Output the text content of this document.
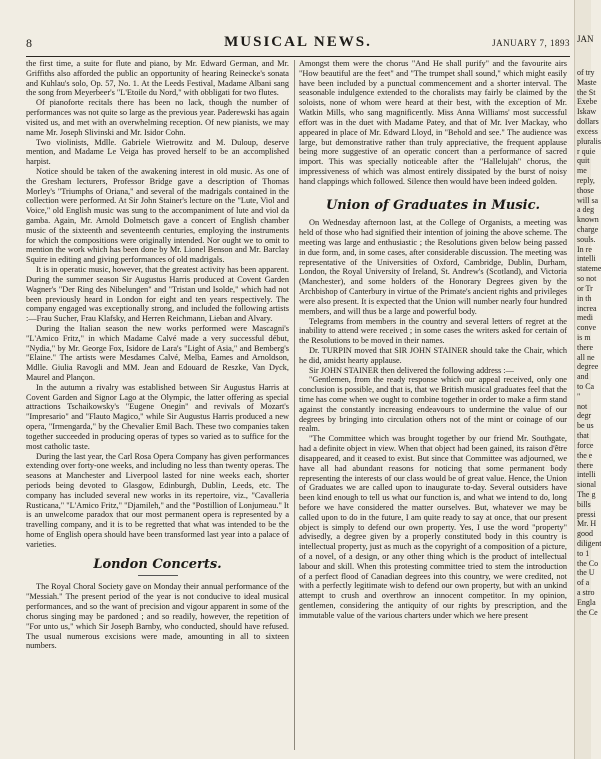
8	MUSICAL NEWS.	JANUARY 7, 1893

the first time, a suite for flute and piano, by Mr. Edward German, and Mr. Griffiths also afforded the public an opportunity of hearing Reinecke's sonata and Kuhlau's solo, Op. 57, No. 1. At the Leeds Festival, Madame Albani sang the song from Meyerbeer's "L'Etoile du Nord," with obbligati for two flutes.

Of pianoforte recitals there has been no lack, though the number of performances was not quite so large as the previous year. Paderewski has again visited us, and met with an overwhelming reception. Of new pianists, we may name Mr. Joseph Slivinski and Mr. Isidor Cohn.

Two violinists, Mdlle. Gabriele Wietrowitz and M. Duloup, deserve mention, and Madame Le Veiga has proved herself to be an accomplished harpist.

Notice should be taken of the awakening interest in old music. As one of the Gresham lecturers, Professor Bridge gave a description of Thomas Morley's "Triumphs of Oriana," and several of the madrigals contained in the collection were performed. At Sir John Stainer's lecture on the "Lute, Viol and Voice," old English music was sung to the accompaniment of lute and viol da gamba. Again, Mr. Arnold Dolmetsch gave a concert of English chamber music of the sixteenth and seventeenth centuries, employing the instruments for which the compositions were originally intended. Nor ought we to omit to mention the work which has been done by Mr. Lionel Benson and Mr. Barclay Squire in editing and giving performances of old madrigals.

It is in operatic music, however, that the greatest activity has been apparent. During the summer season Sir Augustus Harris produced at Covent Garden Wagner's "Der Ring des Nibelungen" and "Tristan und Isolde," which had not been previously heard in London for eight and ten years respectively. The company engaged was exceptionally strong, and included the following artists :—Frau Sucher, Frau Klafsky, and Herren Reichmann, Lieban and Alvary.

During the Italian season the new works performed were Mascagni's "L'Amico Fritz," in which Madame Calvé made a very successful début, "Nydia," by Mr. George Fox, Isidore de Lara's "Light of Asia," and Bemberg's "Elaine." The artists were Mesdames Calvé, Melba, Eames and Arnoldson, Mdlle. Giulia Ravogli and MM. Jean and Edouard de Reszke, Van Dyck, Maurel and Plançon.

In the autumn a rivalry was established between Sir Augustus Harris at Covent Garden and Signor Lago at the Olympic, the latter offering as special attractions Tschaikowsky's "Eugene Onegin" and revivals of Mozart's "Impresario" and "Flauto Magico," while Sir Augustus Harris produced a new opera, "Irmengarda," by the Chevalier Emil Bach. These two companies taken together succeeded in producing operas of types so varied as to suffice for the most catholic taste.

During the last year, the Carl Rosa Opera Company has given performances extending over forty-one weeks, and including no less than twenty operas. The seasons at Manchester and Liverpool lasted for nine weeks each, shorter periods being devoted to Glasgow, Edinburgh, Dublin, Leeds, etc. The company has included several new works in its repertoire, viz., "Cavalleria Rusticana," "L'Amico Fritz," "Djamileh," and the "Postillion of Lonjumeau." It is an unwelcome paradox that our most permanent opera is represented by a travelling company, and it is to be regretted that what was intended to be the home of English opera should have been transformed last year into a palace of varieties.

London Concerts.

The Royal Choral Society gave on Monday their annual performance of the "Messiah." The present period of the year is not conducive to ideal musical performances, and so the want of precision and vigour apparent in some of the chorus singing may be pardoned ; and so readily, however, the repetition of "For unto us," which Sir Joseph Barnby, who conducted, should have refused. The usual numerous excisions were made, amounting in all to sixteen numbers.

Amongst them were the chorus "And He shall purify" and the favourite airs "How beautiful are the feet" and "The trumpet shall sound," which might easily have been included by a punctual commencement and a shorter interval. The seasonable indulgence extended to the choralists may fairly be claimed by the soloists, none of whom were heard at their best, with the exception of Mr. Watkin Mills, who sang magnificently. Miss Anna Williams' most successful effort was in the duet with Madame Patey, and that of Mr. Iver Mackay, who appeared in place of Mr. Edward Lloyd, in "Behold and see." The audience was large, but demonstrative rather than truly appreciative, the frequent applause being more suggestive of an operatic concert than a performance of sacred import. This was specially noticeable after the "Hallelujah" chorus, the impressiveness of which was almost entirely dissipated by the burst of noisy hand clappings which followed. Silence then would have been indeed golden.

Union of Graduates in Music.

On Wednesday afternoon last, at the College of Organists, a meeting was held of those who had signified their intention of joining the above scheme. The meeting was large and enthusiastic ; the Resolutions given below being passed in due form, and, in some cases, after considerable discussion. The meeting was representative of the Universities of Oxford, Cambridge, Dublin, Durham, London, the Royal University of Ireland, St. Andrew's (Scotland), and Victoria (Manchester), and some holders of the Honorary Degrees given by the Archbishop of Canterbury in virtue of the Primate's ancient rights and privileges were also present. It is expected that the Union will number nearly four hundred members, and will thus be a large and powerful body.

Telegrams from members in the country and several letters of regret at the inability to attend were received ; in some cases the writers asked for certain of the Resolutions to be moved in their names.

Dr. TURPIN moved that SIR JOHN STAINER should take the Chair, which he did, amidst hearty applause.

Sir JOHN STAINER then delivered the following address :—

"Gentlemen, from the ready response which our appeal received, only one conclusion is possible, and that is, that we British musical graduates feel that the time has come when we ought to combine together in order to make a firm stand against the constantly increasing endeavours to undermine the value of our degrees by bringing into circulation others not of the mint or coinage of our realm.

"The Committee which was brought together by our friend Mr. Southgate, had a definite object in view. When that object had been gained, its raison d'être disappeared, and it ceased to exist. But since that Committee was adjourned, we have all had abundant reasons for noticing that some permanent body representing the interests of our class would be of great value. Hence, the Union of Graduates we are called upon to inaugurate to-day. Several outsiders have been kind enough to tell us what our function is, and what we intend to do, long before we have considered the matter ourselves. But, whatever we may be called upon to do in the future, I am quite ready to say at once, that our present object is simply to defend our own property. Yes, I use the word "property" advisedly, a degree given by a properly constituted body in this country is intellectual property, just as much as the copyright of a composition of a picture, of a novel, of a design, or any other thing which is the product of intellectual labour and skill. When this protesting committee tried to stem the introduction of a perfect flood of Canadian degrees into this country, we were credited, not with a perfectly legitimate wish to defend our own property, but with an unkind attempt to crush and overthrow an innocent competitor. In my opinion, gentlemen, considering the antiquity of our rights by prescription, and the immutable value of the various charters under which we here present

JAN
of try
Maste
the St
Exebe
Iskaw
dollars
excess
pluralis
r quie
quit
me
reply,
those
will sa
a deg
known
charge
souls.
In re
intelli
stateme
so not
or Tr
in th
increa
medi
conve
is m
there
all ne
degree
and
to Ca
"
not
degr
be us
that
force
the e
there
intelli
sional
The g
bills
pressi
Mr. H
good
diligent
to 1
the Co
the U
of a
a stro
Engla
the Ce
